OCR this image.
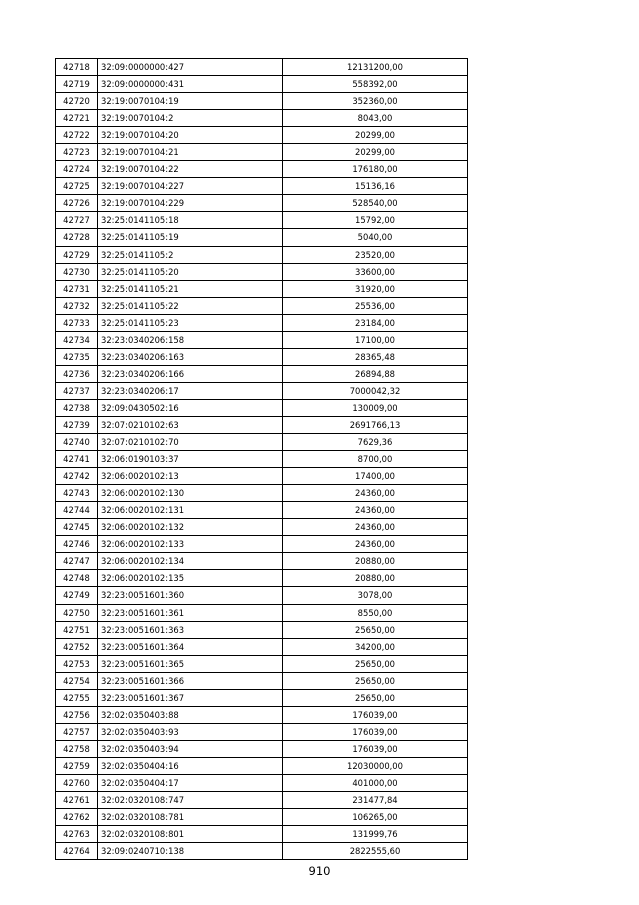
42718	32:09:0000000:427	12131200,00
42719	32:09:0000000:431	558392,00
42720	32:19:0070104:19	352360,00
42721	32:19:0070104:2	8043,00
42722	32:19:0070104:20	20299,00
42723	32:19:0070104:21	20299,00
42724	32:19:0070104:22	176180,00
42725	32:19:0070104:227	15136,16
42726	32:19:0070104:229	528540,00
42727	32:25:0141105:18	15792,00
42728	32:25:0141105:19	5040,00
42729	32:25:0141105:2	23520,00
42730	32:25:0141105:20	33600,00
42731	32:25:0141105:21	31920,00
42732	32:25:0141105:22	25536,00
42733	32:25:0141105:23	23184,00
42734	32:23:0340206:158	17100,00
42735	32:23:0340206:163	28365,48
42736	32:23:0340206:166	26894,88
42737	32:23:0340206:17	7000042,32
42738	32:09:0430502:16	130009,00
42739	32:07:0210102:63	2691766,13
42740	32:07:0210102:70	7629,36
42741	32:06:0190103:37	8700,00
42742	32:06:0020102:13	17400,00
42743	32:06:0020102:130	24360,00
42744	32:06:0020102:131	24360,00
42745	32:06:0020102:132	24360,00
42746	32:06:0020102:133	24360,00
42747	32:06:0020102:134	20880,00
42748	32:06:0020102:135	20880,00
42749	32:23:0051601:360	3078,00
42750	32:23:0051601:361	8550,00
42751	32:23:0051601:363	25650,00
42752	32:23:0051601:364	34200,00
42753	32:23:0051601:365	25650,00
42754	32:23:0051601:366	25650,00
42755	32:23:0051601:367	25650,00
42756	32:02:0350403:88	176039,00
42757	32:02:0350403:93	176039,00
42758	32:02:0350403:94	176039,00
42759	32:02:0350404:16	12030000,00
42760	32:02:0350404:17	401000,00
42761	32:02:0320108:747	231477,84
42762	32:02:0320108:781	106265,00
42763	32:02:0320108:801	131999,76
42764	32:09:0240710:138	2822555,60
910
